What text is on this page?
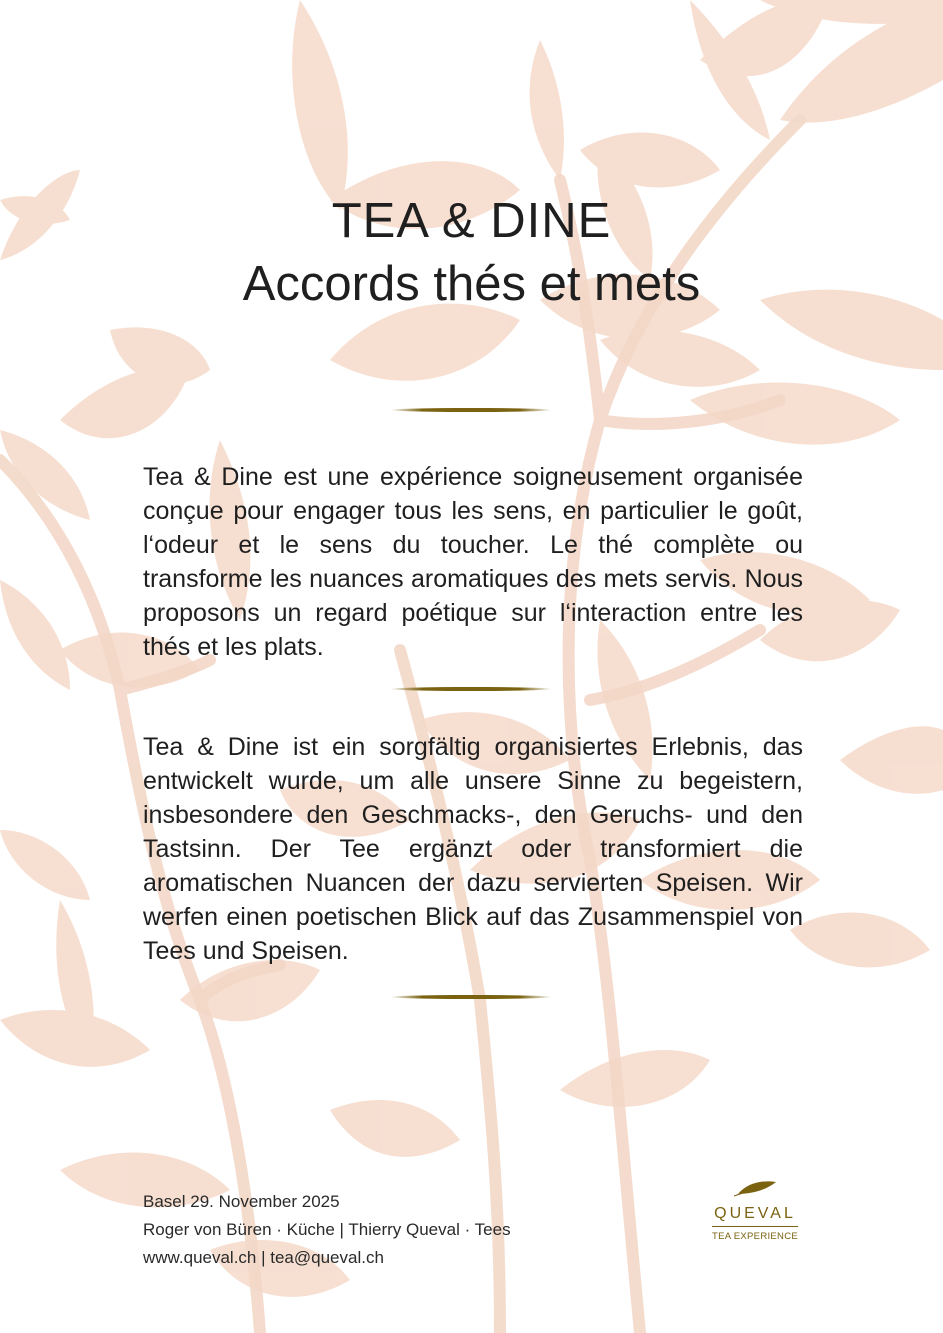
TEA & DINE
Accords thés et mets

Tea & Dine est une expérience soigneusement organisée conçue pour engager tous les sens, en particulier le goût, l‘odeur et le sens du toucher. Le thé complète ou transforme les nuances aromatiques des mets servis. Nous proposons un regard poétique sur l‘interaction entre les thés et les plats.

Tea & Dine ist ein sorgfältig organisiertes Erlebnis, das entwickelt wurde, um alle unsere Sinne zu begeistern, insbesondere den Geschmacks-, den Geruchs- und den Tastsinn. Der Tee ergänzt oder transformiert die aromatischen Nuancen der dazu servierten Speisen. Wir werfen einen poetischen Blick auf das Zusammenspiel von Tees und Speisen.

Basel 29. November 2025
Roger von Büren · Küche | Thierry Queval · Tees
www.queval.ch | tea@queval.ch
QUEVAL
TEA EXPERIENCE
